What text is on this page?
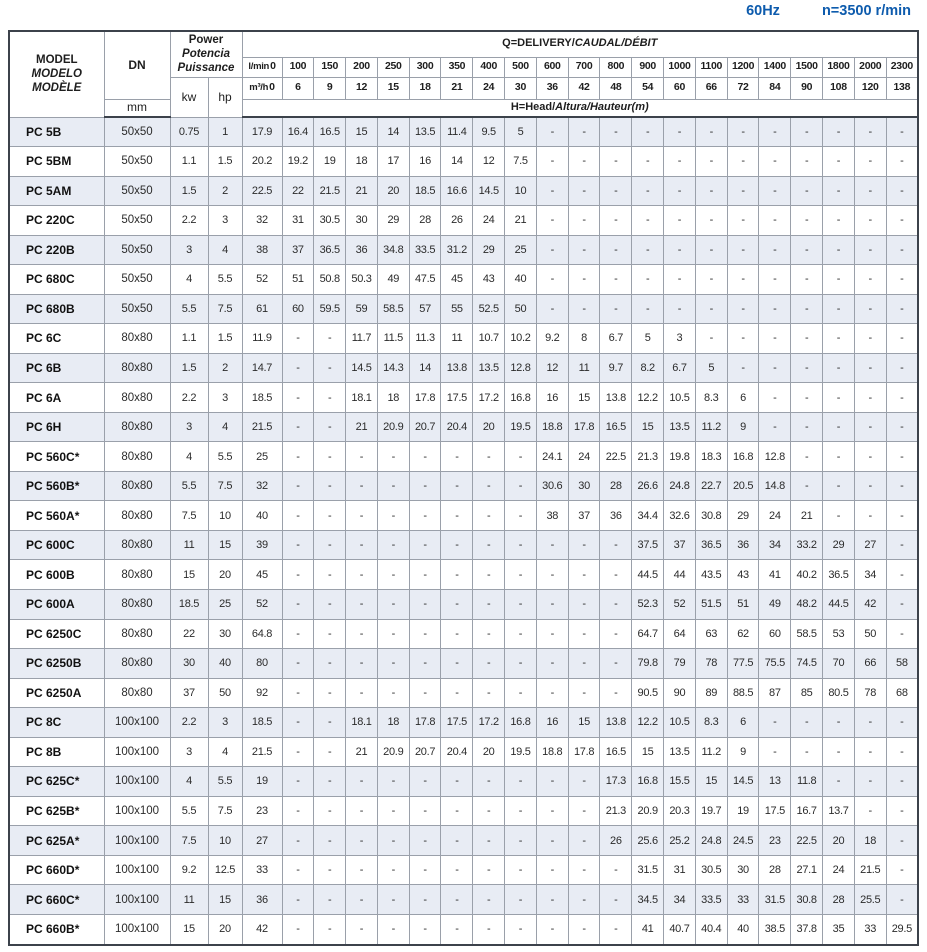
60Hz	n=3500 r/min
MODEL
MODELO
MODÈLE
	DN	
Power
Potencia
Puissance
	Q=DELIVERY/CAUDAL/DÉBIT
				l/min0	100	150	200	250	300	350	400	500	600	700	800	900	1000	1100	1200	1400	1500	1800	2000	2300
		kw	hp	m³/h0	6	9	12	15	18	21	24	30	36	42	48	54	60	66	72	84	90	108	120	138
	mm			H=Head/Altura/Hauteur(m)																				
PC 5B	50x50	0.75	1	17.9	16.4	16.5	15	14	13.5	11.4	9.5	5	-	-	-	-	-	-	-	-	-	-	-	-
PC 5BM	50x50	1.1	1.5	20.2	19.2	19	18	17	16	14	12	7.5	-	-	-	-	-	-	-	-	-	-	-	-
PC 5AM	50x50	1.5	2	22.5	22	21.5	21	20	18.5	16.6	14.5	10	-	-	-	-	-	-	-	-	-	-	-	-
PC 220C	50x50	2.2	3	32	31	30.5	30	29	28	26	24	21	-	-	-	-	-	-	-	-	-	-	-	-
PC 220B	50x50	3	4	38	37	36.5	36	34.8	33.5	31.2	29	25	-	-	-	-	-	-	-	-	-	-	-	-
PC 680C	50x50	4	5.5	52	51	50.8	50.3	49	47.5	45	43	40	-	-	-	-	-	-	-	-	-	-	-	-
PC 680B	50x50	5.5	7.5	61	60	59.5	59	58.5	57	55	52.5	50	-	-	-	-	-	-	-	-	-	-	-	-
PC 6C	80x80	1.1	1.5	11.9	-	-	11.7	11.5	11.3	11	10.7	10.2	9.2	8	6.7	5	3	-	-	-	-	-	-	-
PC 6B	80x80	1.5	2	14.7	-	-	14.5	14.3	14	13.8	13.5	12.8	12	11	9.7	8.2	6.7	5	-	-	-	-	-	-
PC 6A	80x80	2.2	3	18.5	-	-	18.1	18	17.8	17.5	17.2	16.8	16	15	13.8	12.2	10.5	8.3	6	-	-	-	-	-
PC 6H	80x80	3	4	21.5	-	-	21	20.9	20.7	20.4	20	19.5	18.8	17.8	16.5	15	13.5	11.2	9	-	-	-	-	-
PC 560C*	80x80	4	5.5	25	-	-	-	-	-	-	-	-	24.1	24	22.5	21.3	19.8	18.3	16.8	12.8	-	-	-	-
PC 560B*	80x80	5.5	7.5	32	-	-	-	-	-	-	-	-	30.6	30	28	26.6	24.8	22.7	20.5	14.8	-	-	-	-
PC 560A*	80x80	7.5	10	40	-	-	-	-	-	-	-	-	38	37	36	34.4	32.6	30.8	29	24	21	-	-	-
PC 600C	80x80	11	15	39	-	-	-	-	-	-	-	-	-	-	-	37.5	37	36.5	36	34	33.2	29	27	-
PC 600B	80x80	15	20	45	-	-	-	-	-	-	-	-	-	-	-	44.5	44	43.5	43	41	40.2	36.5	34	-
PC 600A	80x80	18.5	25	52	-	-	-	-	-	-	-	-	-	-	-	52.3	52	51.5	51	49	48.2	44.5	42	-
PC 6250C	80x80	22	30	64.8	-	-	-	-	-	-	-	-	-	-	-	64.7	64	63	62	60	58.5	53	50	-
PC 6250B	80x80	30	40	80	-	-	-	-	-	-	-	-	-	-	-	79.8	79	78	77.5	75.5	74.5	70	66	58
PC 6250A	80x80	37	50	92	-	-	-	-	-	-	-	-	-	-	-	90.5	90	89	88.5	87	85	80.5	78	68
PC 8C	100x100	2.2	3	18.5	-	-	18.1	18	17.8	17.5	17.2	16.8	16	15	13.8	12.2	10.5	8.3	6	-	-	-	-	-
PC 8B	100x100	3	4	21.5	-	-	21	20.9	20.7	20.4	20	19.5	18.8	17.8	16.5	15	13.5	11.2	9	-	-	-	-	-
PC 625C*	100x100	4	5.5	19	-	-	-	-	-	-	-	-	-	-	17.3	16.8	15.5	15	14.5	13	11.8	-	-	-
PC 625B*	100x100	5.5	7.5	23	-	-	-	-	-	-	-	-	-	-	21.3	20.9	20.3	19.7	19	17.5	16.7	13.7	-	-
PC 625A*	100x100	7.5	10	27	-	-	-	-	-	-	-	-	-	-	26	25.6	25.2	24.8	24.5	23	22.5	20	18	-
PC 660D*	100x100	9.2	12.5	33	-	-	-	-	-	-	-	-	-	-	-	31.5	31	30.5	30	28	27.1	24	21.5	-
PC 660C*	100x100	11	15	36	-	-	-	-	-	-	-	-	-	-	-	34.5	34	33.5	33	31.5	30.8	28	25.5	-
PC 660B*	100x100	15	20	42	-	-	-	-	-	-	-	-	-	-	-	41	40.7	40.4	40	38.5	37.8	35	33	29.5
